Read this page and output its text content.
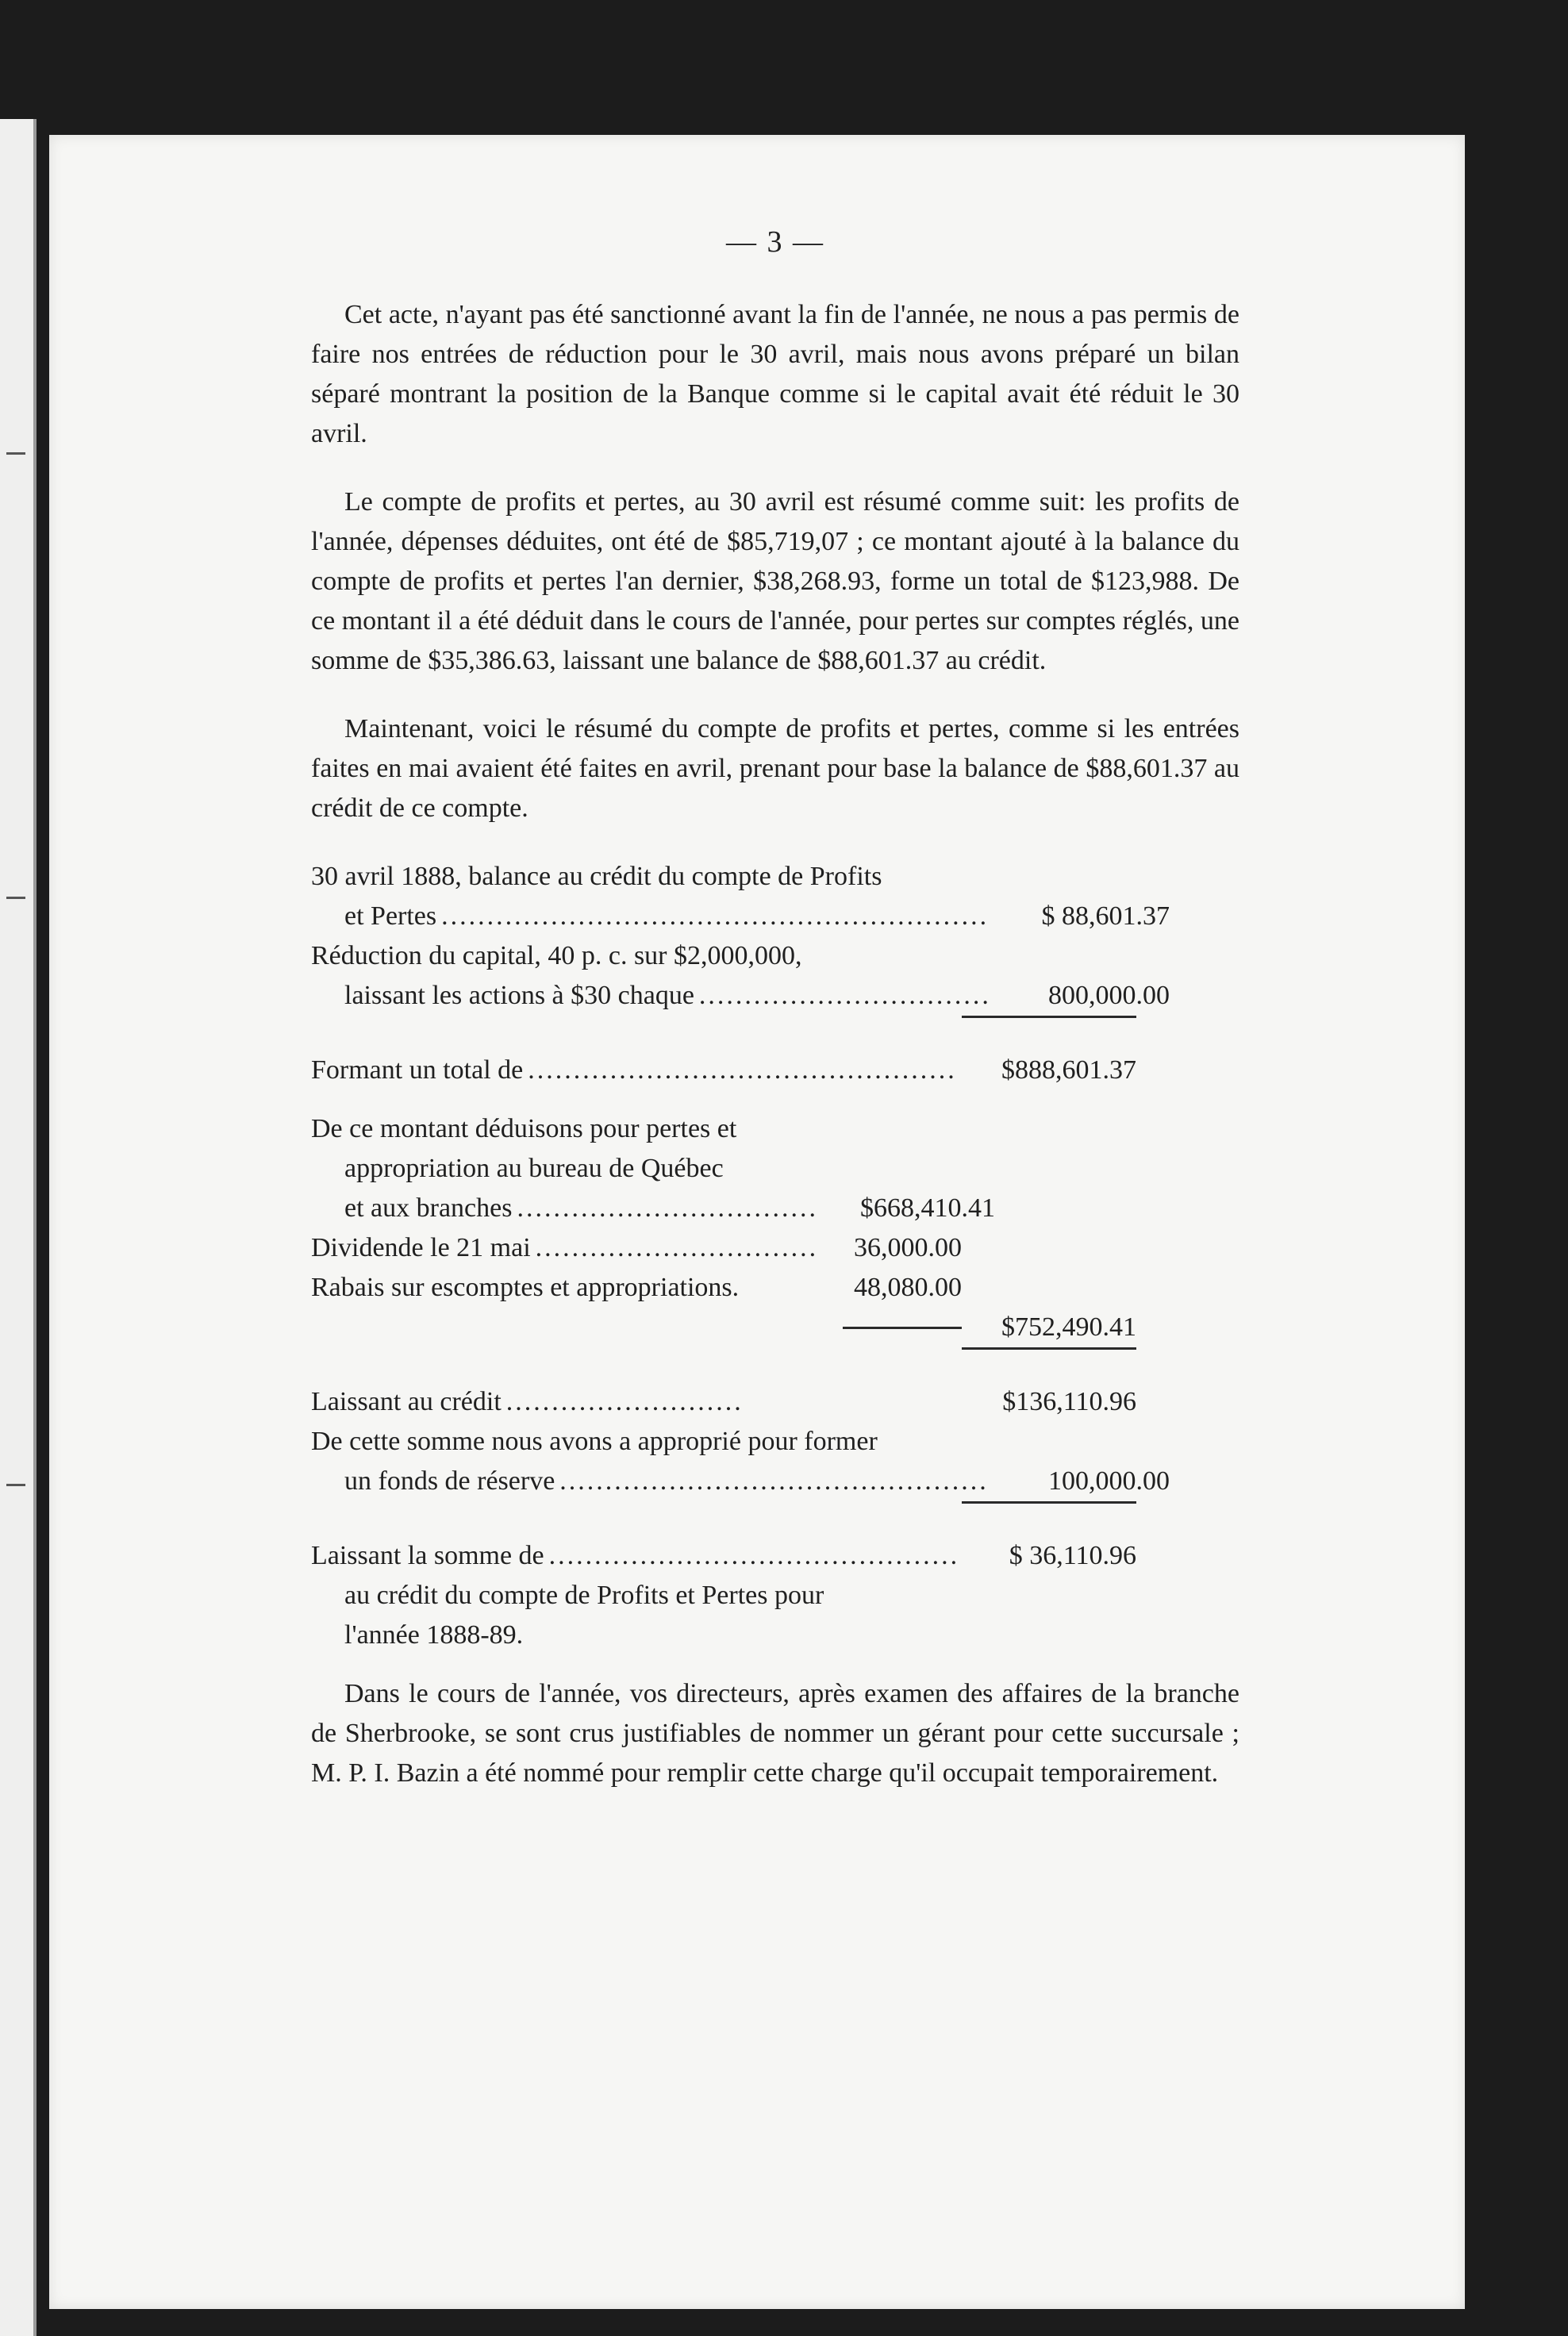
— 3 —

Cet acte, n'ayant pas été sanctionné avant la fin de l'année, ne nous a pas permis de faire nos entrées de réduction pour le 30 avril, mais nous avons préparé un bilan séparé montrant la position de la Banque comme si le capital avait été réduit le 30 avril.

Le compte de profits et pertes, au 30 avril est résumé comme suit: les profits de l'année, dépenses déduites, ont été de $85,719,07 ; ce montant ajouté à la balance du compte de profits et pertes l'an dernier, $38,268.93, forme un total de $123,988. De ce montant il a été déduit dans le cours de l'année, pour pertes sur comptes réglés, une somme de $35,386.63, laissant une balance de $88,601.37 au crédit.

Maintenant, voici le résumé du compte de profits et pertes, comme si les entrées faites en mai avaient été faites en avril, prenant pour base la balance de $88,601.37 au crédit de ce compte.

30 avril 1888, balance au crédit du compte de Profits
et Pertes .....	$ 88,601.37
Réduction du capital, 40 p. c. sur $2,000,000,
laissant les actions à $30 chaque .....	800,000.00
Formant un total de .....	$888,601.37
De ce montant déduisons pour pertes et
appropriation au bureau de Québec
et aux branches .....	$668,410.41
Dividende le 21 mai .....	36,000.00
Rabais sur escomptes et appropriations.	48,080.00
$752,490.41
Laissant au crédit .....	$136,110.96
De cette somme nous avons a approprié pour former
un fonds de réserve .....	100,000.00
Laissant la somme de .....	$ 36,110.96
au crédit du compte de Profits et Pertes pour
l'année 1888-89.

Dans le cours de l'année, vos directeurs, après examen des affaires de la branche de Sherbrooke, se sont crus justifiables de nommer un gérant pour cette succursale ; M. P. I. Bazin a été nommé pour remplir cette charge qu'il occupait temporairement.
